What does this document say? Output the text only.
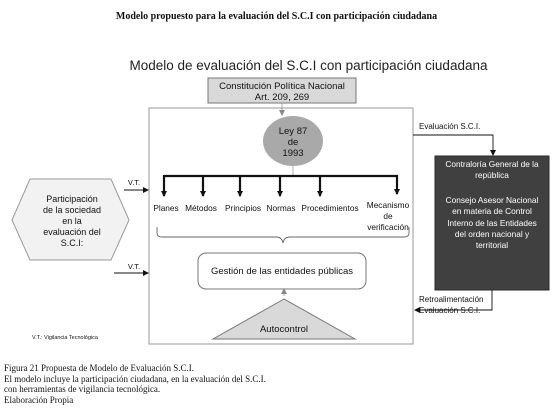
Modelo propuesto para la evaluación del S.C.I con participación ciudadana
Modelo de evaluación del S.C.I con participación ciudadana
Constitución Política Nacional
Art. 209, 269
Ley 87
de
1993
Planes Métodos Principios Normas Procedimientos Mecanismo
de
verificación
Gestión de las entidades públicas
Autocontrol
Participación
de la sociedad
en la
evaluación del
S.C.I:
V.T.
V.T.
Evaluación S.C.I.
Contraloría General de la
república
Consejo Asesor Nacional
en materia de Control
Interno de las Entidades
del orden nacional y
territorial
Retroalimentación
Evaluación S.C.I.
V.T.: Vigilancia Tecnológica
Figura 21 Propuesta de Modelo de Evaluación S.C.I.
El modelo incluye la participación ciudadana, en la evaluación del S.C.I.
con herramientas de vigilancia tecnológica.
Elaboración Propia
